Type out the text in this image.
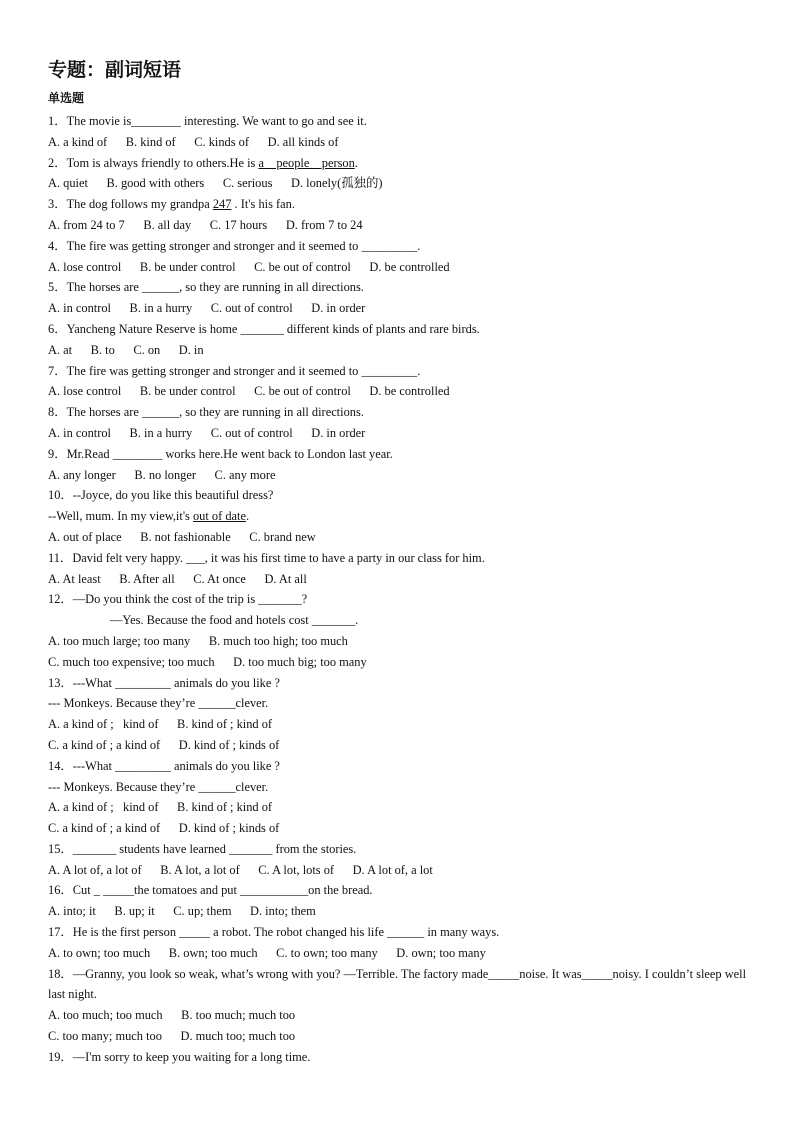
专题：副词短语
单选题
1．The movie is________ interesting. We want to go and see it.
A. a kind of      B. kind of      C. kinds of      D. all kinds of
2．Tom is always friendly to others.He is a    people    person.
A. quiet      B. good with others      C. serious      D. lonely(孤独的)
3．The dog follows my grandpa 247 . It's his fan.
A. from 24 to 7      B. all day      C. 17 hours      D. from 7 to 24
4．The fire was getting stronger and stronger and it seemed to _________.
A. lose control      B. be under control      C. be out of control      D. be controlled
5．The horses are ______, so they are running in all directions.
A. in control      B. in a hurry      C. out of control      D. in order
6．Yancheng Nature Reserve is home _______ different kinds of plants and rare birds.
A. at      B. to      C. on      D. in
7．The fire was getting stronger and stronger and it seemed to _________.
A. lose control      B. be under control      C. be out of control      D. be controlled
8．The horses are ______, so they are running in all directions.
A. in control      B. in a hurry      C. out of control      D. in order
9．Mr.Read ________ works here.He went back to London last year.
A. any longer      B. no longer      C. any more
10．--Joyce, do you like this beautiful dress?
--Well, mum. In my view,it's out of date.
A. out of place      B. not fashionable      C. brand new
11．David felt very happy. ___, it was his first time to have a party in our class for him.
A. At least      B. After all      C. At once      D. At all
12．—Do you think the cost of the trip is _______?
—Yes. Because the food and hotels cost _______.
A. too much large; too many      B. much too high; too much
C. much too expensive; too much      D. too much big; too many
13．---What _________ animals do you like ?
--- Monkeys. Because they’re ______clever.
A. a kind of ;   kind of      B. kind of ; kind of
C. a kind of ; a kind of      D. kind of ; kinds of
14．---What _________ animals do you like ?
--- Monkeys. Because they’re ______clever.
A. a kind of ;   kind of      B. kind of ; kind of
C. a kind of ; a kind of      D. kind of ; kinds of
15．_______ students have learned _______ from the stories.
A. A lot of, a lot of      B. A lot, a lot of      C. A lot, lots of      D. A lot of, a lot
16．Cut _ _____the tomatoes and put ___________on the bread.
A. into; it      B. up; it      C. up; them      D. into; them
17．He is the first person _____ a robot. The robot changed his life ______ in many ways.
A. to own; too much      B. own; too much      C. to own; too many      D. own; too many
18．—Granny, you look so weak, what’s wrong with you? —Terrible. The factory made_____noise. It was_____noisy. I couldn’t sleep well last night.
A. too much; too much      B. too much; much too
C. too many; much too      D. much too; much too
19．—I'm sorry to keep you waiting for a long time.
